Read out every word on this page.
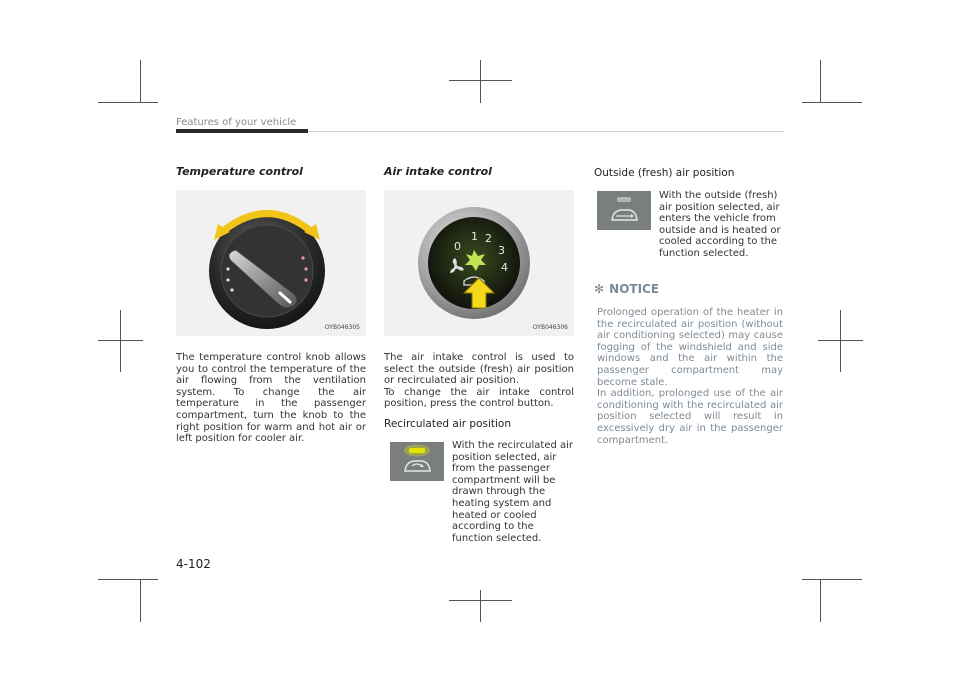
Features of your vehicle
Temperature control
OYB046305

The temperature control knob allows you to control the temperature of the air flowing from the ventilation system. To change the air temperature in the passenger compartment, turn the knob to the right position for warm and hot air or left position for cooler air.

Air intake control
0
1 2
3
4
OYB046306

The air intake control is used to select the outside (fresh) air position or recirculated air position.

To change the air intake control position, press the control button.

Recirculated air position
With the recirculated air position selected, air from the passenger compartment will be drawn through the heating system and heated or cooled according to the function selected.
Outside (fresh) air position
With the outside (fresh) air position selected, air enters the vehicle from outside and is heated or cooled according to the function selected.
✻ NOTICE

Prolonged operation of the heater in the recirculated air position (without air conditioning selected) may cause fogging of the windshield and side windows and the air within the passenger compartment may become stale.

In addition, prolonged use of the air conditioning with the recirculated air position selected will result in excessively dry air in the passenger compartment.

4-102
